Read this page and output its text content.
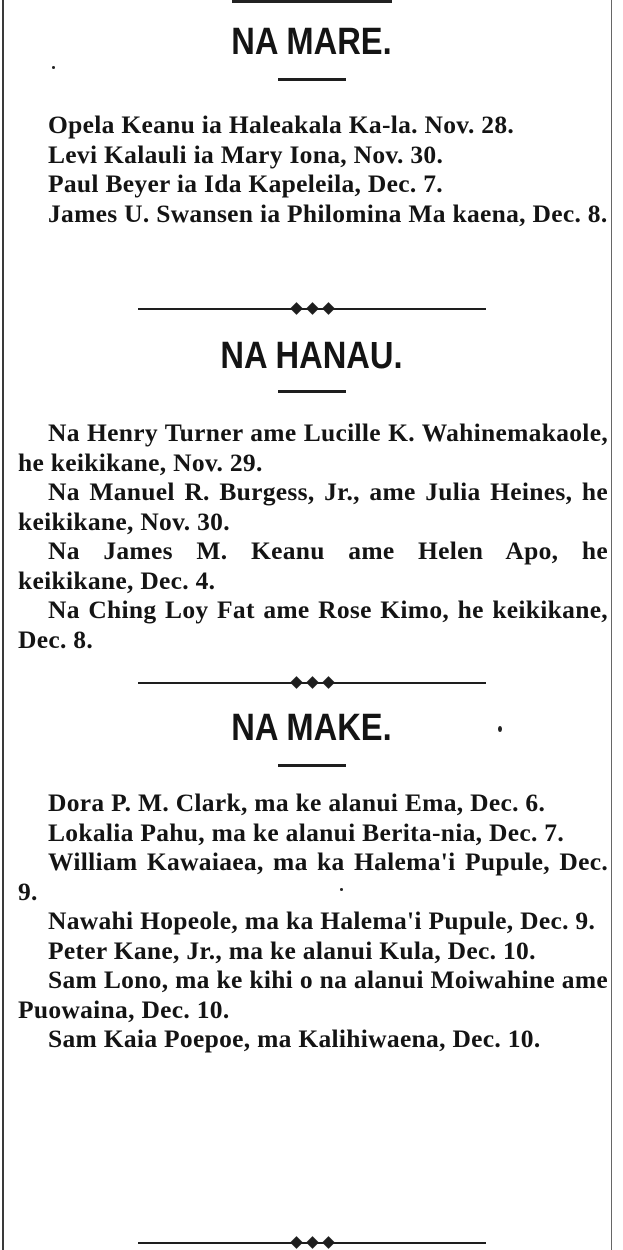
NA MARE.

Opela Keanu ia Haleakala Ka-la. Nov. 28.

Levi Kalauli ia Mary Iona, Nov. 30.

Paul Beyer ia Ida Kapeleila, Dec. 7.

James U. Swansen ia Philomina Ma kaena, Dec. 8.

NA HANAU.

Na Henry Turner ame Lucille K. Wahinemakaole, he keikikane, Nov. 29.

Na Manuel R. Burgess, Jr., ame Julia Heines, he keikikane, Nov. 30.

Na James M. Keanu ame Helen Apo, he keikikane, Dec. 4.

Na Ching Loy Fat ame Rose Kimo, he keikikane, Dec. 8.

NA MAKE.

Dora P. M. Clark, ma ke alanui Ema, Dec. 6.

Lokalia Pahu, ma ke alanui Berita-nia, Dec. 7.

William Kawaiaea, ma ka Halema'i Pupule, Dec. 9.

Nawahi Hopeole, ma ka Halema'i Pupule, Dec. 9.

Peter Kane, Jr., ma ke alanui Kula, Dec. 10.

Sam Lono, ma ke kihi o na alanui Moiwahine ame Puowaina, Dec. 10.

Sam Kaia Poepoe, ma Kalihiwaena, Dec. 10.
